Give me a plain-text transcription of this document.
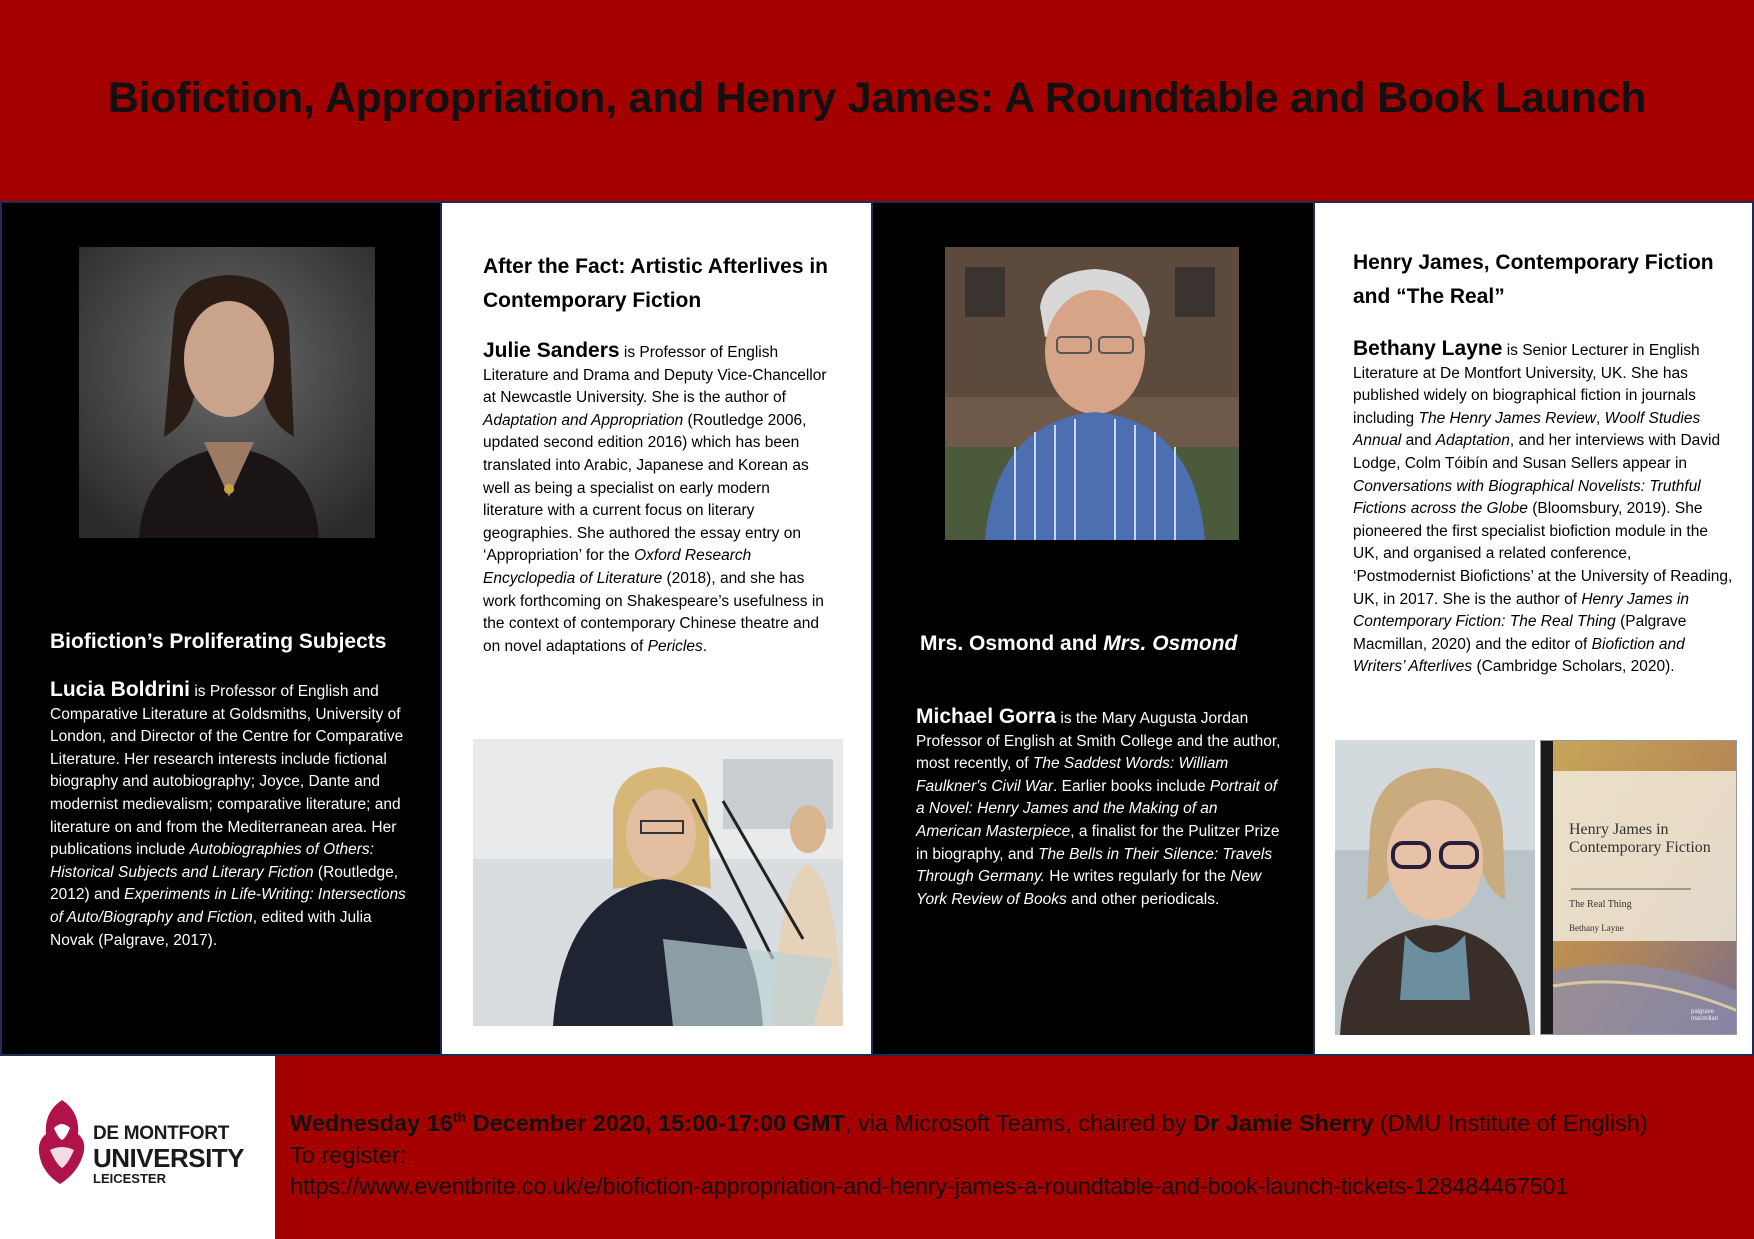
Biofiction, Appropriation, and Henry James: A Roundtable and Book Launch
Biofiction’s Proliferating Subjects
Lucia Boldrini is Professor of English and Comparative Literature at Goldsmiths, University of London, and Director of the Centre for Comparative Literature. Her research interests include fictional biography and autobiography; Joyce, Dante and modernist medievalism; comparative literature; and literature on and from the Mediterranean area. Her publications include Autobiographies of Others: Historical Subjects and Literary Fiction (Routledge, 2012) and Experiments in Life-Writing: Intersections of Auto/Biography and Fiction, edited with Julia Novak (Palgrave, 2017).
After the Fact: Artistic Afterlives in Contemporary Fiction
Julie Sanders is Professor of English Literature and Drama and Deputy Vice-Chancellor at Newcastle University. She is the author of Adaptation and Appropriation (Routledge 2006, updated second edition 2016) which has been translated into Arabic, Japanese and Korean as well as being a specialist on early modern literature with a current focus on literary geographies. She authored the essay entry on ‘Appropriation’ for the Oxford Research Encyclopedia of Literature (2018), and she has work forthcoming on Shakespeare’s usefulness in the context of contemporary Chinese theatre and on novel adaptations of Pericles.	Mrs. Osmond and Mrs. Osmond
Michael Gorra is the Mary Augusta Jordan Professor of English at Smith College and the author, most recently, of The Saddest Words: William Faulkner's Civil War. Earlier books include Portrait of a Novel: Henry James and the Making of an American Masterpiece, a finalist for the Pulitzer Prize in biography, and The Bells in Their Silence: Travels Through Germany. He writes regularly for the New York Review of Books and other periodicals.
Henry James, Contemporary Fiction and “The Real”
Bethany Layne is Senior Lecturer in English Literature at De Montfort University, UK. She has published widely on biographical fiction in journals including The Henry James Review, Woolf Studies Annual and Adaptation, and her interviews with David Lodge, Colm Tóibín and Susan Sellers appear in Conversations with Biographical Novelists: Truthful Fictions across the Globe (Bloomsbury, 2019). She pioneered the first specialist biofiction module in the UK, and organised a related conference, ‘Postmodernist Biofictions’ at the University of Reading, UK, in 2017. She is the author of Henry James in Contemporary Fiction: The Real Thing (Palgrave Macmillan, 2020) and the editor of Biofiction and Writers’ Afterlives (Cambridge Scholars, 2020).
Henry James in Contemporary Fiction
The Real Thing
Bethany Layne
palgrave macmillan
DE MONTFORT
UNIVERSITY
LEICESTER
Wednesday 16th December 2020, 15:00-17:00 GMT, via Microsoft Teams, chaired by Dr Jamie Sherry (DMU Institute of English)
To register:
https://www.eventbrite.co.uk/e/biofiction-appropriation-and-henry-james-a-roundtable-and-book-launch-tickets-128484467501
